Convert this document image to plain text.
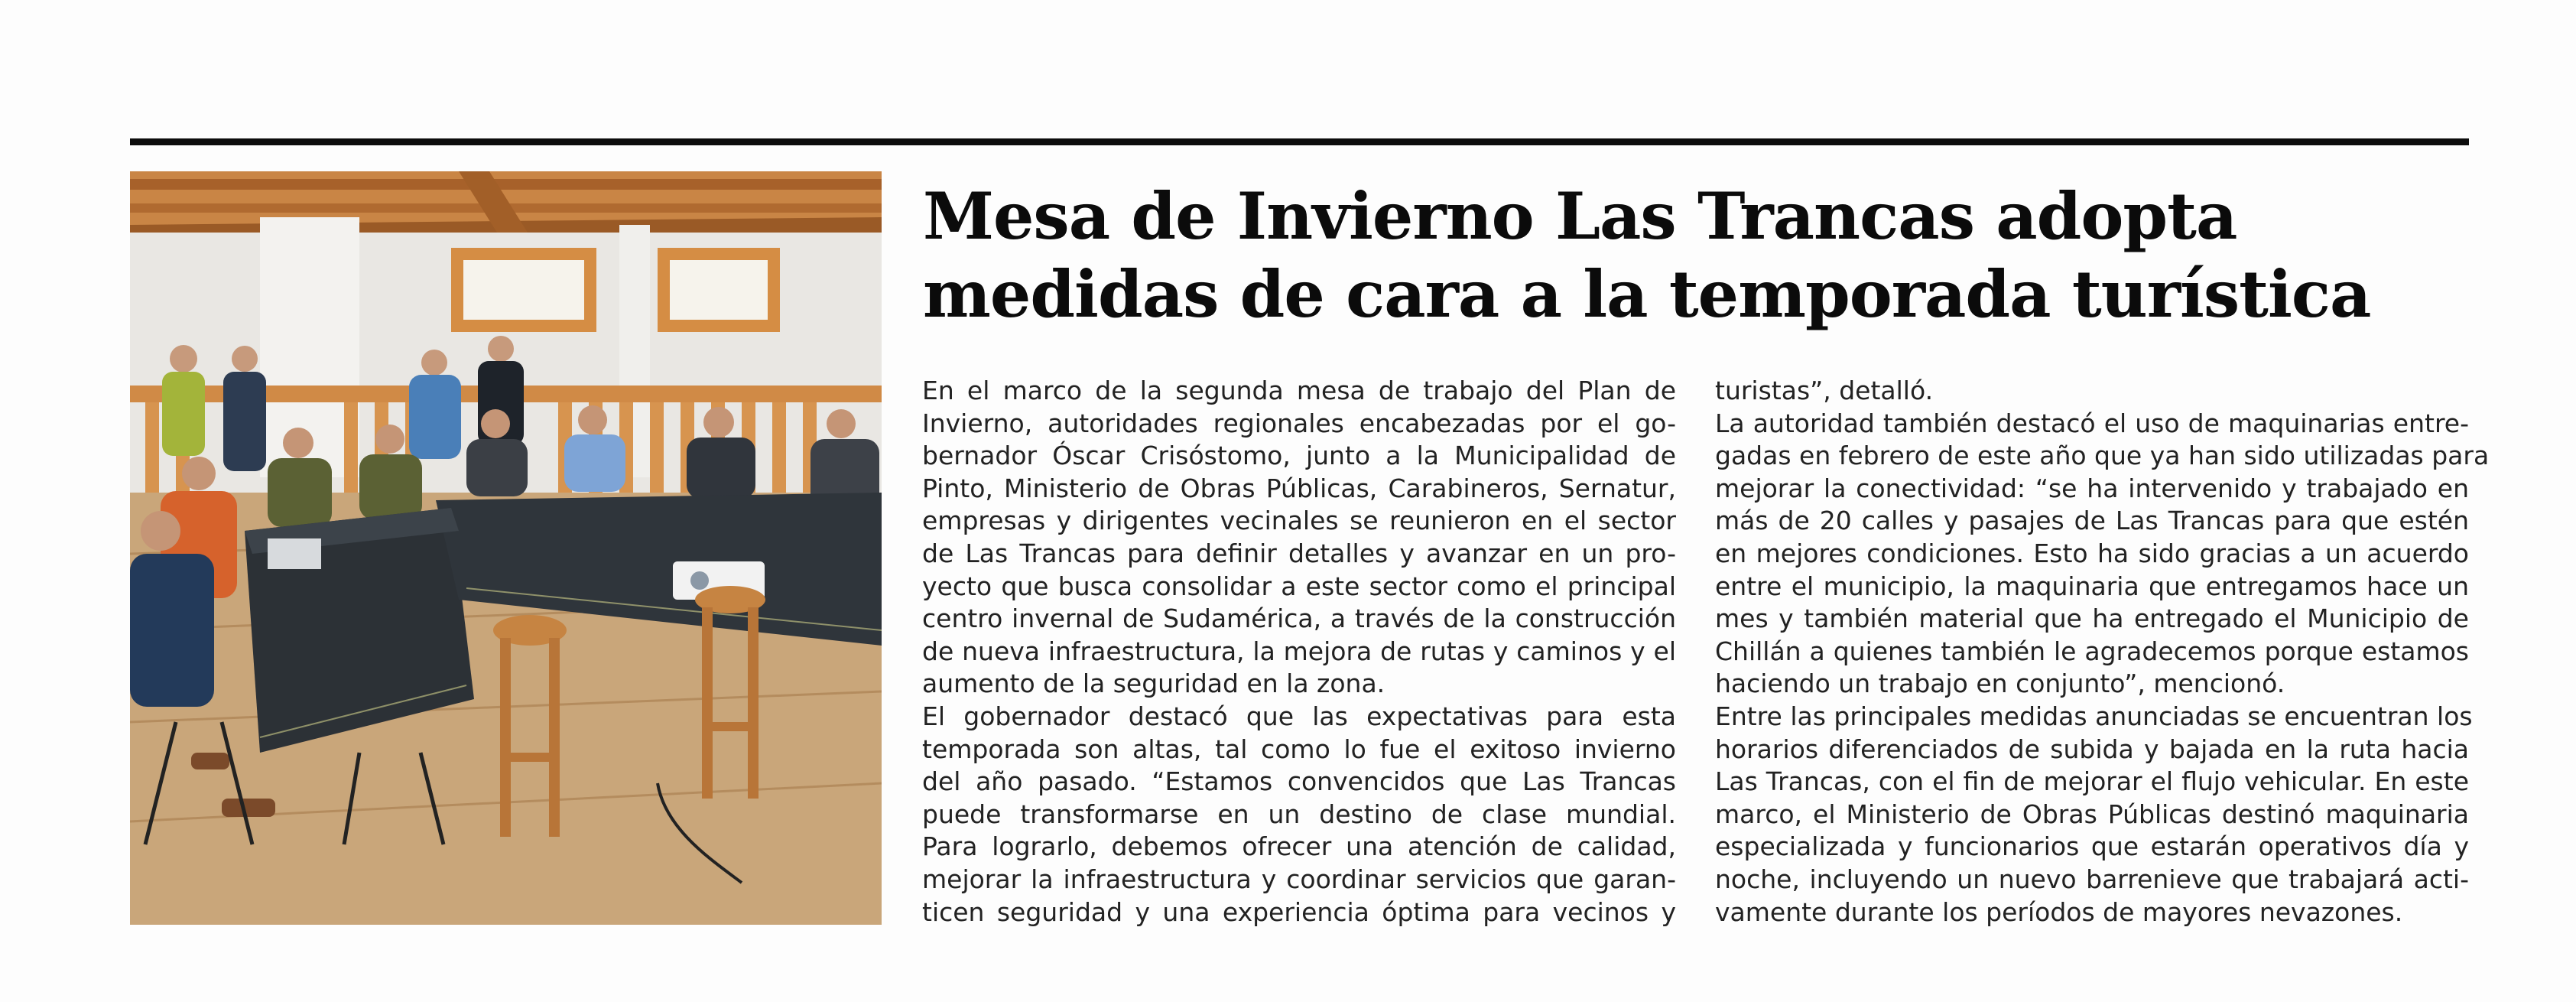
Mesa de Invierno Las Trancas adopta
medidas de cara a la temporada turística
En el marco de la segunda mesa de trabajo del Plan de
Invierno, autoridades regionales encabezadas por el go-
bernador Óscar Crisóstomo, junto a la Municipalidad de
Pinto, Ministerio de Obras Públicas, Carabineros, Sernatur,
empresas y dirigentes vecinales se reunieron en el sector
de Las Trancas para definir detalles y avanzar en un pro-
yecto que busca consolidar a este sector como el principal
centro invernal de Sudamérica, a través de la construcción
de nueva infraestructura, la mejora de rutas y caminos y el
aumento de la seguridad en la zona.
El gobernador destacó que las expectativas para esta
temporada son altas, tal como lo fue el exitoso invierno
del año pasado. “Estamos convencidos que Las Trancas
puede transformarse en un destino de clase mundial.
Para lograrlo, debemos ofrecer una atención de calidad,
mejorar la infraestructura y coordinar servicios que garan-
ticen seguridad y una experiencia óptima para vecinos y
turistas”, detalló.
La autoridad también destacó el uso de maquinarias entre-
gadas en febrero de este año que ya han sido utilizadas para
mejorar la conectividad: “se ha intervenido y trabajado en
más de 20 calles y pasajes de Las Trancas para que estén
en mejores condiciones. Esto ha sido gracias a un acuerdo
entre el municipio, la maquinaria que entregamos hace un
mes y también material que ha entregado el Municipio de
Chillán a quienes también le agradecemos porque estamos
haciendo un trabajo en conjunto”, mencionó.
Entre las principales medidas anunciadas se encuentran los
horarios diferenciados de subida y bajada en la ruta hacia
Las Trancas, con el fin de mejorar el flujo vehicular. En este
marco, el Ministerio de Obras Públicas destinó maquinaria
especializada y funcionarios que estarán operativos día y
noche, incluyendo un nuevo barrenieve que trabajará acti-
vamente durante los períodos de mayores nevazones.
